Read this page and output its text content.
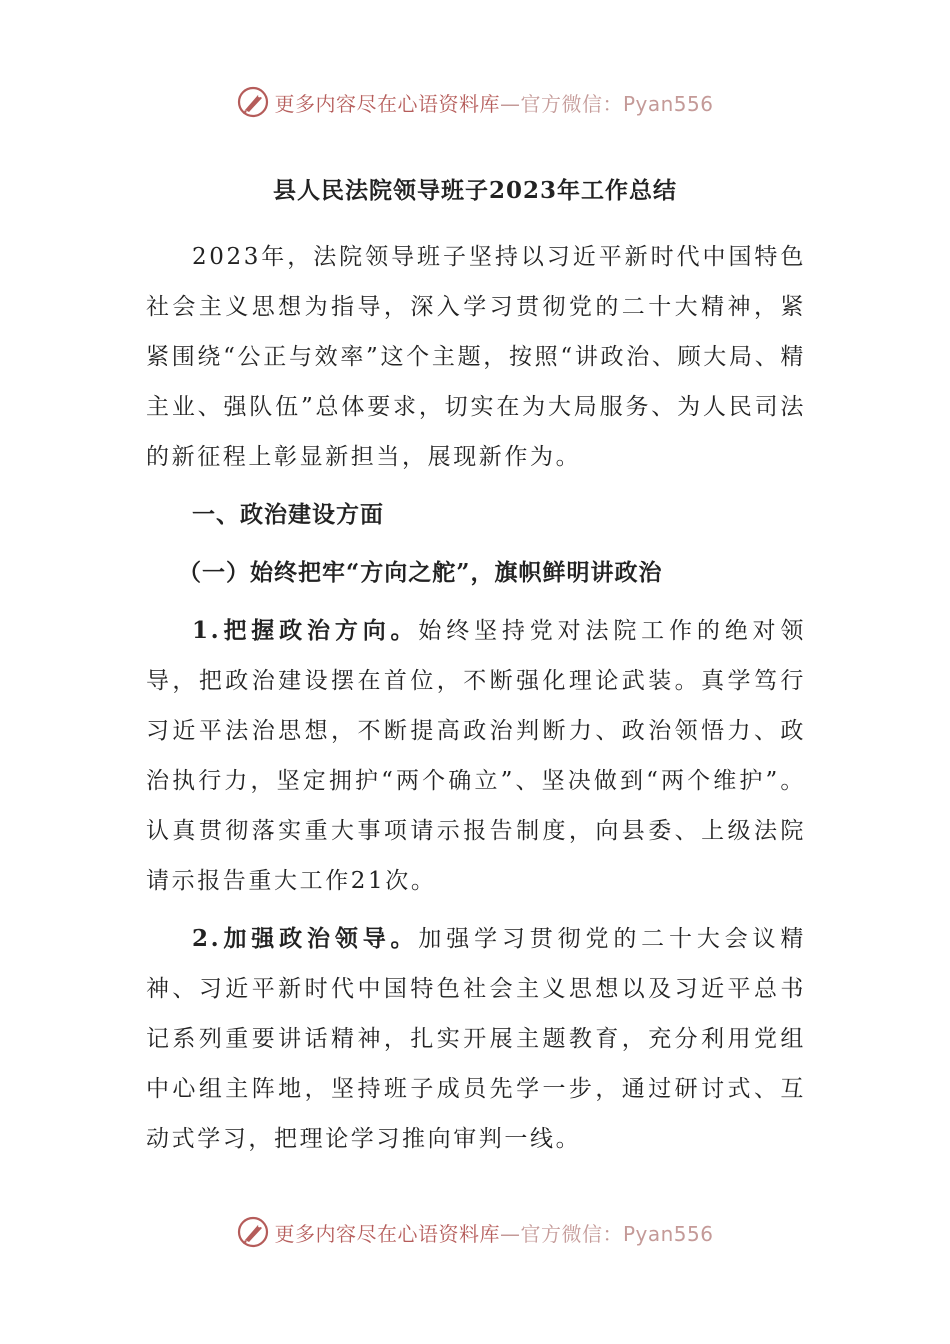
更多内容尽在心语资料库—官方微信：Pyan556
县人民法院领导班子2023年工作总结

2023年，法院领导班子坚持以习近平新时代中国特色社会主义思想为指导，深入学习贯彻党的二十大精神，紧紧围绕“公正与效率”这个主题，按照“讲政治、顾大局、精主业、强队伍”总体要求，切实在为大局服务、为人民司法的新征程上彰显新担当，展现新作为。

一、政治建设方面

（一）始终把牢“方向之舵”，旗帜鲜明讲政治

1.把握政治方向。始终坚持党对法院工作的绝对领导，把政治建设摆在首位，不断强化理论武装。真学笃行习近平法治思想，不断提高政治判断力、政治领悟力、政治执行力，坚定拥护“两个确立”、坚决做到“两个维护”。认真贯彻落实重大事项请示报告制度，向县委、上级法院请示报告重大工作21次。

2.加强政治领导。加强学习贯彻党的二十大会议精神、习近平新时代中国特色社会主义思想以及习近平总书记系列重要讲话精神，扎实开展主题教育，充分利用党组中心组主阵地，坚持班子成员先学一步，通过研讨式、互动式学习，把理论学习推向审判一线。

更多内容尽在心语资料库—官方微信：Pyan556
